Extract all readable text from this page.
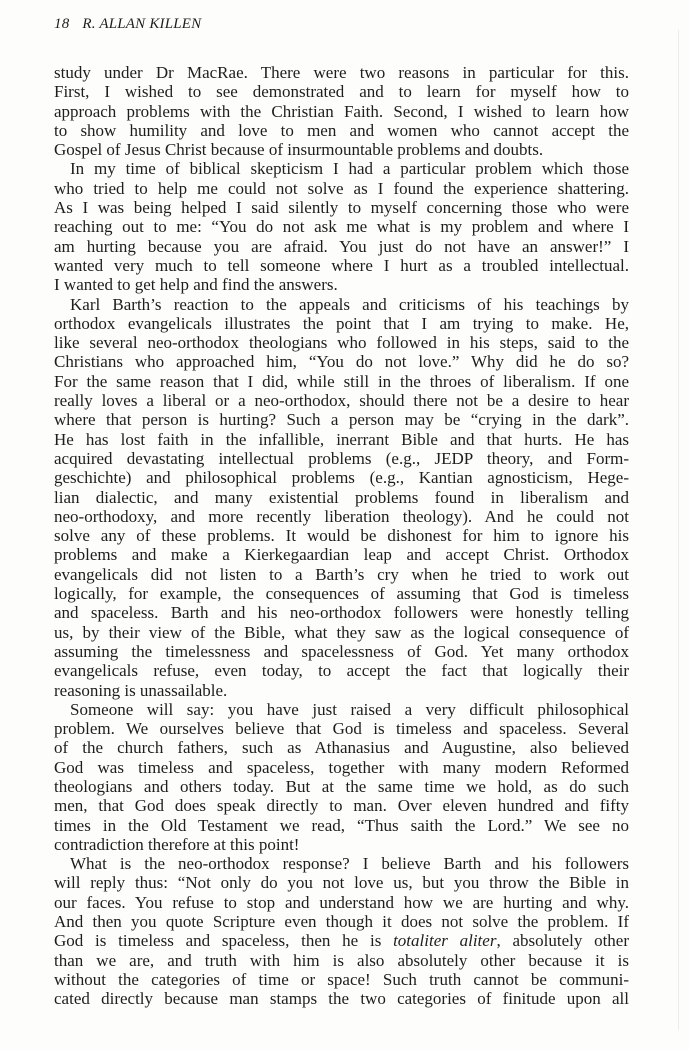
18 R. ALLAN KILLEN

study under Dr MacRae. There were two reasons in particular for this.
First, I wished to see demonstrated and to learn for myself how to
approach problems with the Christian Faith. Second, I wished to learn how
to show humility and love to men and women who cannot accept the
Gospel of Jesus Christ because of insurmountable problems and doubts.

In my time of biblical skepticism I had a particular problem which those
who tried to help me could not solve as I found the experience shattering.
As I was being helped I said silently to myself concerning those who were
reaching out to me: “You do not ask me what is my problem and where I
am hurting because you are afraid. You just do not have an answer!” I
wanted very much to tell someone where I hurt as a troubled intellectual.
I wanted to get help and find the answers.

Karl Barth’s reaction to the appeals and criticisms of his teachings by
orthodox evangelicals illustrates the point that I am trying to make. He,
like several neo-orthodox theologians who followed in his steps, said to the
Christians who approached him, “You do not love.” Why did he do so?
For the same reason that I did, while still in the throes of liberalism. If one
really loves a liberal or a neo-orthodox, should there not be a desire to hear
where that person is hurting? Such a person may be “crying in the dark”.
He has lost faith in the infallible, inerrant Bible and that hurts. He has
acquired devastating intellectual problems (e.g., JEDP theory, and Form-
geschichte) and philosophical problems (e.g., Kantian agnosticism, Hege-
lian dialectic, and many existential problems found in liberalism and
neo-orthodoxy, and more recently liberation theology). And he could not
solve any of these problems. It would be dishonest for him to ignore his
problems and make a Kierkegaardian leap and accept Christ. Orthodox
evangelicals did not listen to a Barth’s cry when he tried to work out
logically, for example, the consequences of assuming that God is timeless
and spaceless. Barth and his neo-orthodox followers were honestly telling
us, by their view of the Bible, what they saw as the logical consequence of
assuming the timelessness and spacelessness of God. Yet many orthodox
evangelicals refuse, even today, to accept the fact that logically their
reasoning is unassailable.

Someone will say: you have just raised a very difficult philosophical
problem. We ourselves believe that God is timeless and spaceless. Several
of the church fathers, such as Athanasius and Augustine, also believed
God was timeless and spaceless, together with many modern Reformed
theologians and others today. But at the same time we hold, as do such
men, that God does speak directly to man. Over eleven hundred and fifty
times in the Old Testament we read, “Thus saith the Lord.” We see no
contradiction therefore at this point!

What is the neo-orthodox response? I believe Barth and his followers
will reply thus: “Not only do you not love us, but you throw the Bible in
our faces. You refuse to stop and understand how we are hurting and why.
And then you quote Scripture even though it does not solve the problem. If
God is timeless and spaceless, then he is totaliter aliter, absolutely other
than we are, and truth with him is also absolutely other because it is
without the categories of time or space! Such truth cannot be communi-
cated directly because man stamps the two categories of finitude upon all
